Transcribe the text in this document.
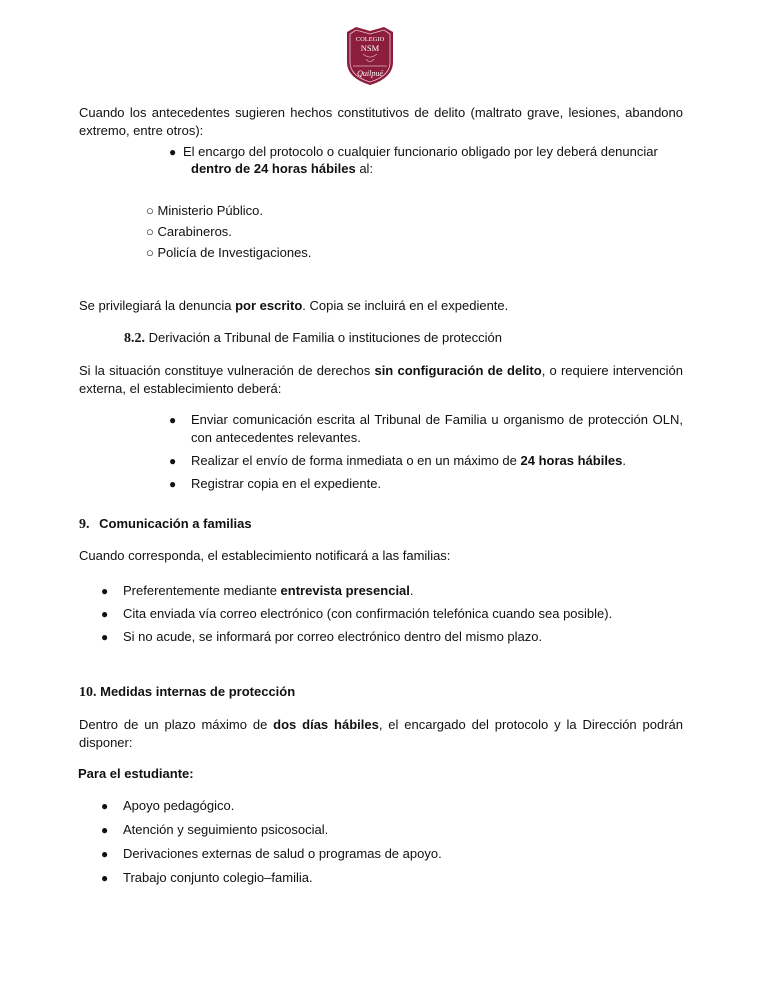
COLEGIO
NSM
Quilpué
Cuando los antecedentes sugieren hechos constitutivos de delito (maltrato grave, lesiones, abandono extremo, entre otros):
● El encargo del protocolo o cualquier funcionario obligado por ley deberá denunciar
dentro de 24 horas hábiles al:
○ Ministerio Público.
○ Carabineros.
○ Policía de Investigaciones.
Se privilegiará la denuncia por escrito. Copia se incluirá en el expediente.
8.2. Derivación a Tribunal de Familia o instituciones de protección
Si la situación constituye vulneración de derechos sin configuración de delito, o requiere intervención externa, el establecimiento deberá:
● Enviar comunicación escrita al Tribunal de Familia u organismo de protección OLN, con antecedentes relevantes.
● Realizar el envío de forma inmediata o en un máximo de 24 horas hábiles.
● Registrar copia en el expediente.
9. Comunicación a familias
Cuando corresponda, el establecimiento notificará a las familias:
● Preferentemente mediante entrevista presencial.
● Cita enviada vía correo electrónico (con confirmación telefónica cuando sea posible).
● Si no acude, se informará por correo electrónico dentro del mismo plazo.
10. Medidas internas de protección
Dentro de un plazo máximo de dos días hábiles, el encargado del protocolo y la Dirección podrán disponer:
Para el estudiante:
● Apoyo pedagógico.
● Atención y seguimiento psicosocial.
● Derivaciones externas de salud o programas de apoyo.
● Trabajo conjunto colegio–familia.
